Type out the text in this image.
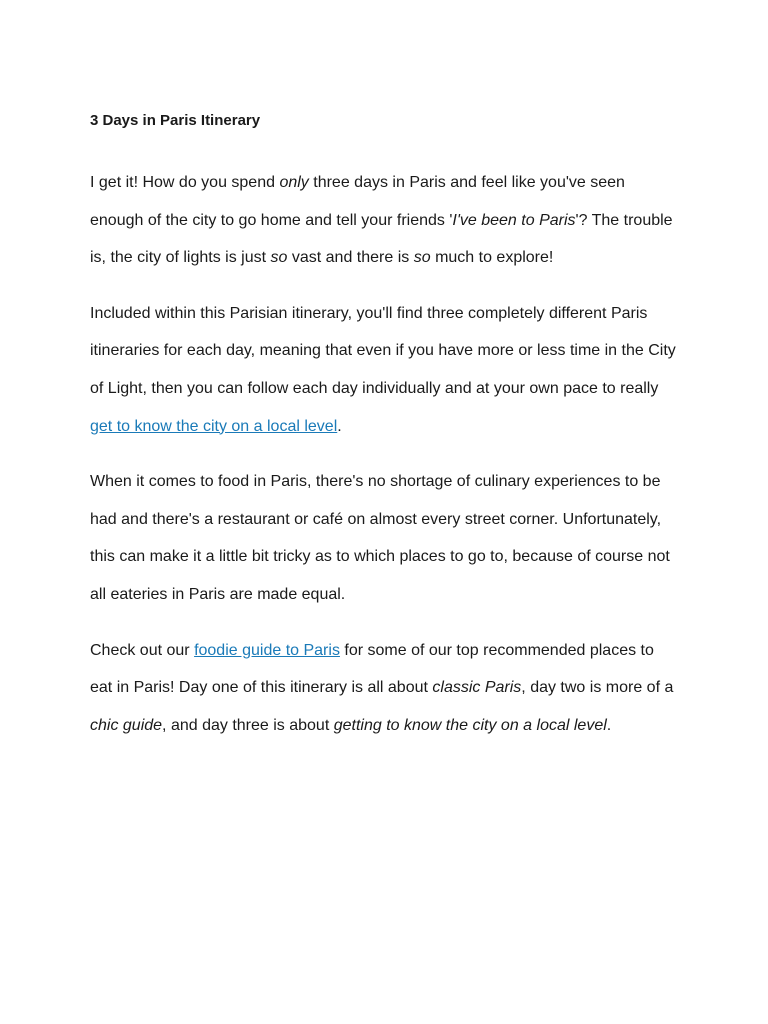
3 Days in Paris Itinerary

I get it! How do you spend only three days in Paris and feel like you've seen enough of the city to go home and tell your friends 'I've been to Paris'? The trouble is, the city of lights is just so vast and there is so much to explore!

Included within this Parisian itinerary, you'll find three completely different Paris itineraries for each day, meaning that even if you have more or less time in the City of Light, then you can follow each day individually and at your own pace to really get to know the city on a local level.

When it comes to food in Paris, there's no shortage of culinary experiences to be had and there's a restaurant or café on almost every street corner. Unfortunately, this can make it a little bit tricky as to which places to go to, because of course not all eateries in Paris are made equal.

Check out our foodie guide to Paris for some of our top recommended places to eat in Paris! Day one of this itinerary is all about classic Paris, day two is more of a chic guide, and day three is about getting to know the city on a local level.
